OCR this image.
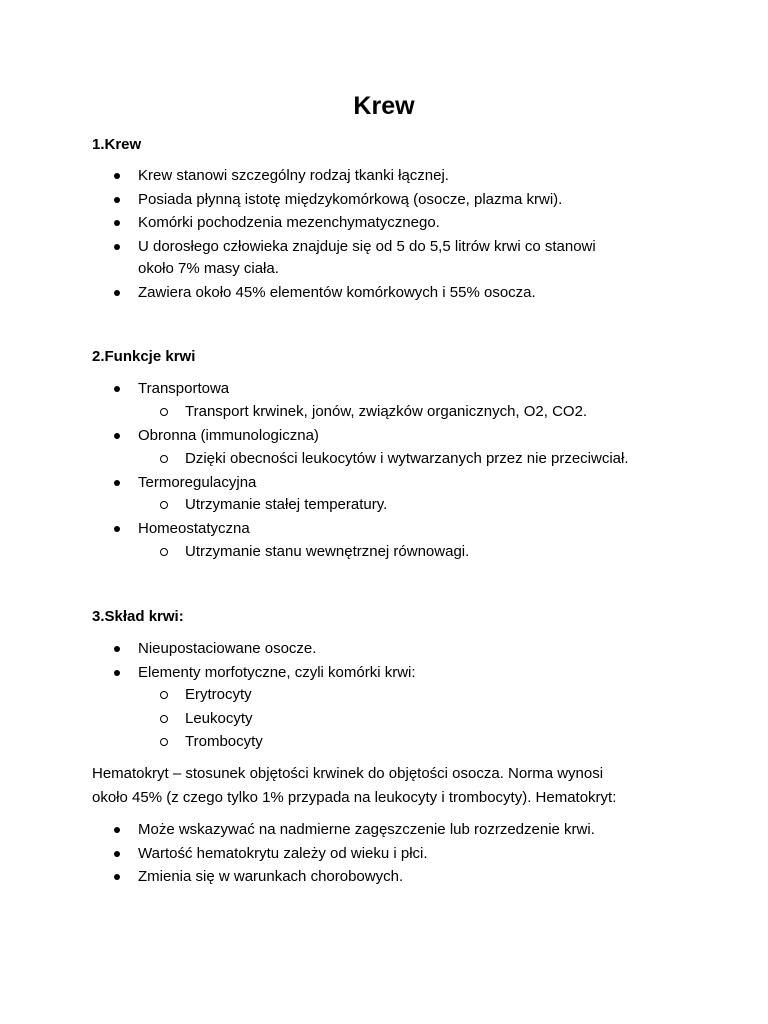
Krew
1.Krew
Krew stanowi szczególny rodzaj tkanki łącznej.
Posiada płynną istotę międzykomórkową (osocze, plazma krwi).
Komórki pochodzenia mezenchymatycznego.
U dorosłego człowieka znajduje się od 5 do 5,5 litrów krwi co stanowi
około 7% masy ciała.
Zawiera około 45% elementów komórkowych i 55% osocza.
2.Funkcje krwi
Transportowa
Transport krwinek, jonów, związków organicznych, O2, CO2.
Obronna (immunologiczna)
Dzięki obecności leukocytów i wytwarzanych przez nie przeciwciał.
Termoregulacyjna
Utrzymanie stałej temperatury.
Homeostatyczna
Utrzymanie stanu wewnętrznej równowagi.
3.Skład krwi:
Nieupostaciowane osocze.
Elementy morfotyczne, czyli komórki krwi:
Erytrocyty
Leukocyty
Trombocyty
Hematokryt – stosunek objętości krwinek do objętości osocza. Norma wynosi
około 45% (z czego tylko 1% przypada na leukocyty i trombocyty). Hematokryt:
Może wskazywać na nadmierne zagęszczenie lub rozrzedzenie krwi.
Wartość hematokrytu zależy od wieku i płci.
Zmienia się w warunkach chorobowych.
